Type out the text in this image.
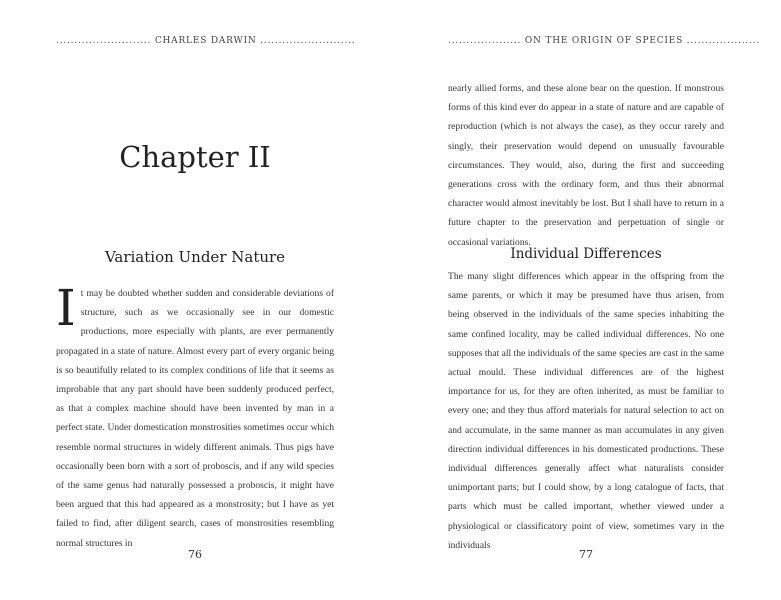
.......................... CHARLES DARWIN ..........................
Chapter II
Variation Under Nature

It may be doubted whether sudden and considerable deviations of structure, such as we occasionally see in our domestic productions, more especially with plants, are ever permanently propagated in a state of nature. Almost every part of every organic being is so beautifully related to its complex conditions of life that it seems as improbable that any part should have been suddenly produced perfect, as that a complex machine should have been invented by man in a perfect state. Under domestication monstrosities sometimes occur which resemble normal structures in widely different animals. Thus pigs have occasionally been born with a sort of proboscis, and if any wild species of the same genus had naturally possessed a proboscis, it might have been argued that this had appeared as a monstrosity; but I have as yet failed to find, after diligent search, cases of monstrosities resembling normal structures in

76
.................... ON THE ORIGIN OF SPECIES ....................

nearly allied forms, and these alone bear on the question. If monstrous forms of this kind ever do appear in a state of nature and are capable of reproduction (which is not always the case), as they occur rarely and singly, their preservation would depend on unusually favourable circumstances. They would, also, during the first and succeeding generations cross with the ordinary form, and thus their abnormal character would almost inevitably be lost. But I shall have to return in a future chapter to the preservation and perpetuation of single or occasional variations.

Individual Differences

The many slight differences which appear in the offspring from the same parents, or which it may be presumed have thus arisen, from being observed in the individuals of the same species inhabiting the same confined locality, may be called individual differences. No one supposes that all the individuals of the same species are cast in the same actual mould. These individual differences are of the highest importance for us, for they are often inherited, as must be familiar to every one; and they thus afford materials for natural selection to act on and accumulate, in the same manner as man accumulates in any given direction individual differences in his domesticated productions. These individual differences generally affect what naturalists consider unimportant parts; but I could show, by a long catalogue of facts, that parts which must be called important, whether viewed under a physiological or classificatory point of view, sometimes vary in the individuals

77
